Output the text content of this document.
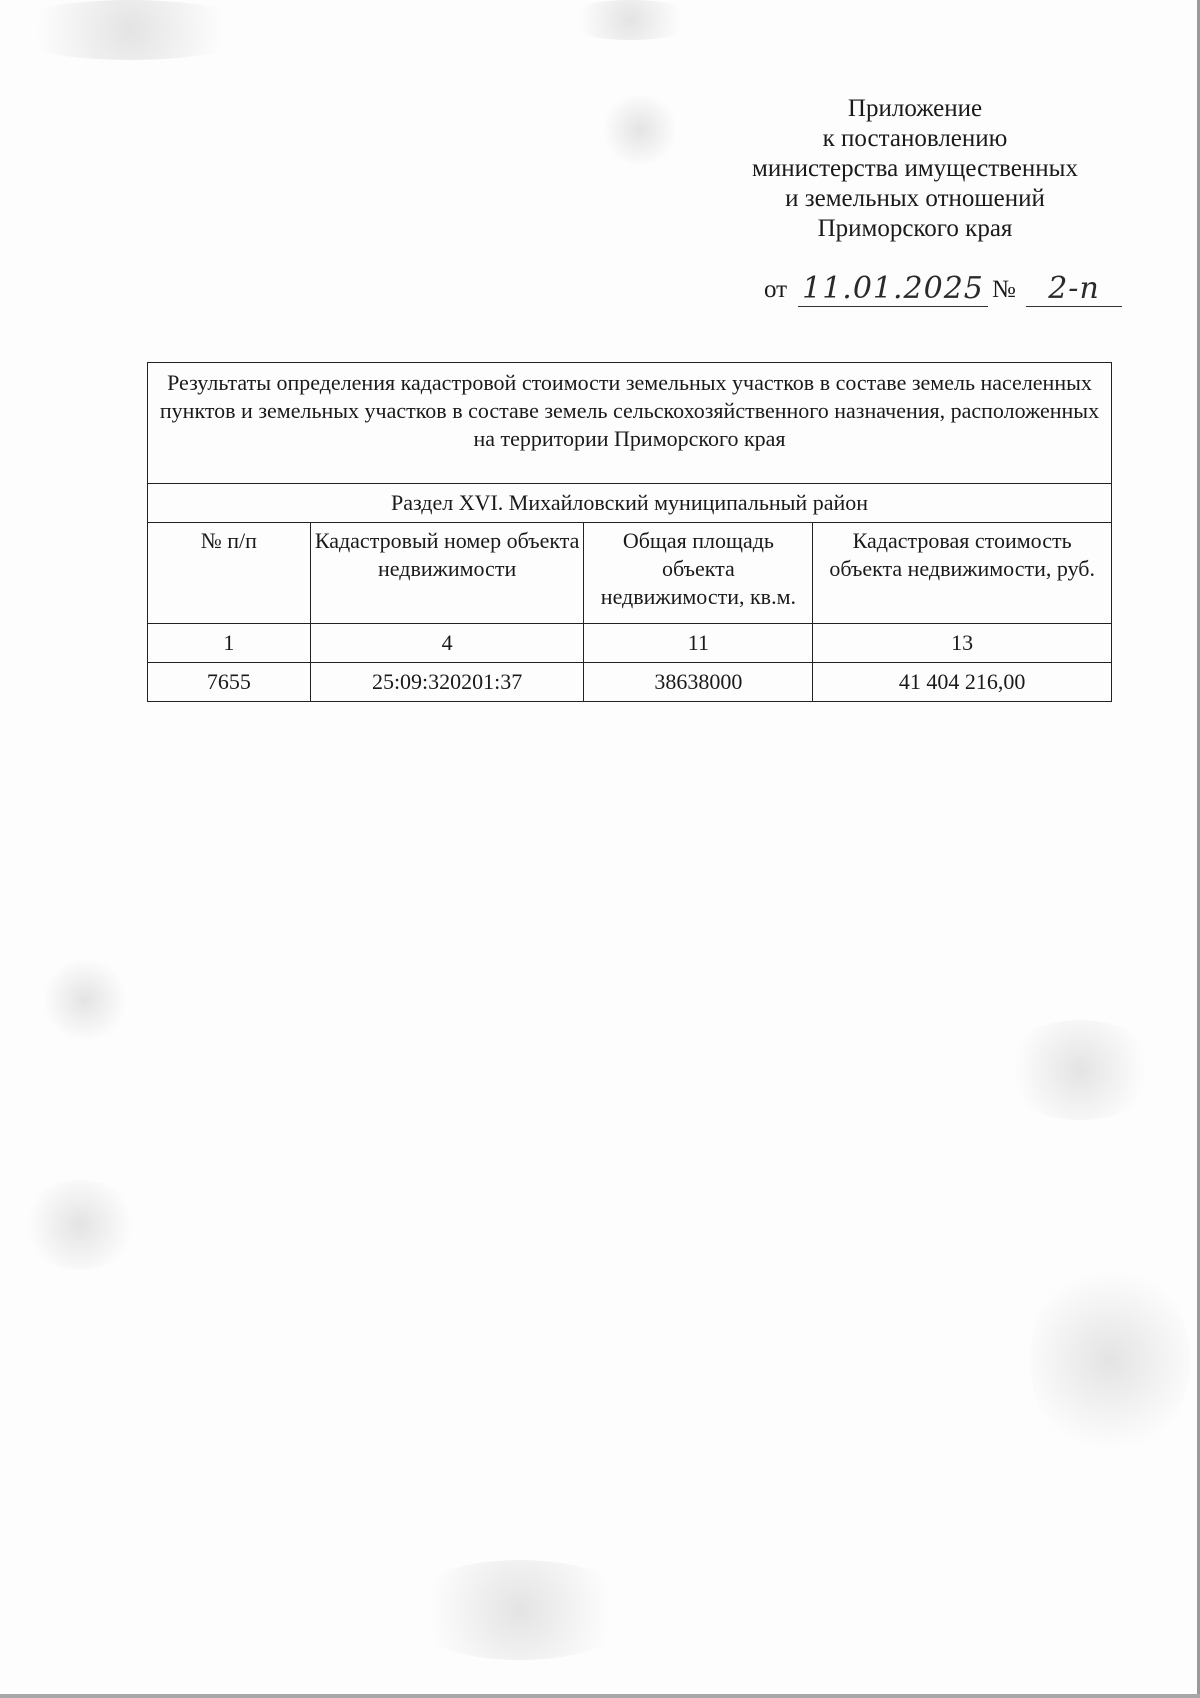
Приложение
к постановлению
министерства имущественных
и земельных отношений
Приморского края
от 11.01.2025 №	2-п
Результаты определения кадастровой стоимости земельных участков в составе земель населенных пунктов и земельных участков в составе земель сельскохозяйственного назначения, расположенных на территории Приморского края			
Раздел XVI. Михайловский муниципальный район			
№ п/п	Кадастровый номер объекта недвижимости	Общая площадь объекта недвижимости, кв.м.	Кадастровая стоимость объекта недвижимости, руб.
1	4	11	13
7655	25:09:320201:37	38638000	41 404 216,00
